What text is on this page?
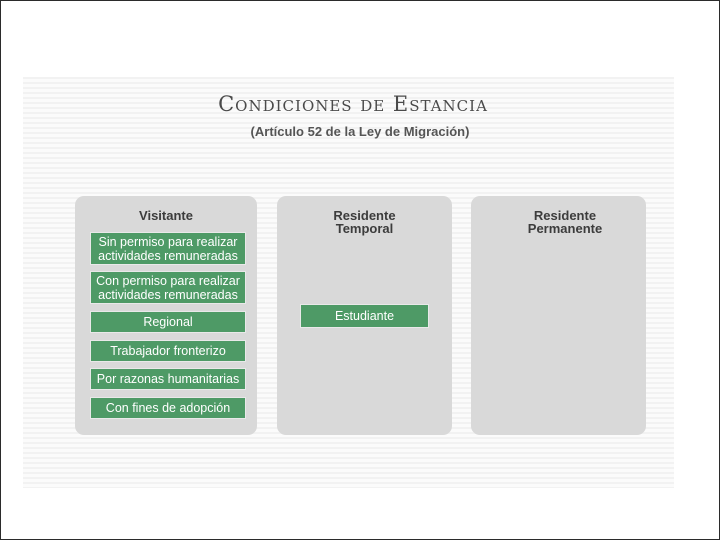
Condiciones de Estancia
(Artículo 52 de la Ley de Migración)
Visitante
Sin permiso para realizar actividades remuneradas
Con permiso para realizar actividades remuneradas
Regional
Trabajador fronterizo
Por razonas humanitarias
Con fines de adopción
Residente Temporal
Estudiante
Residente Permanente
